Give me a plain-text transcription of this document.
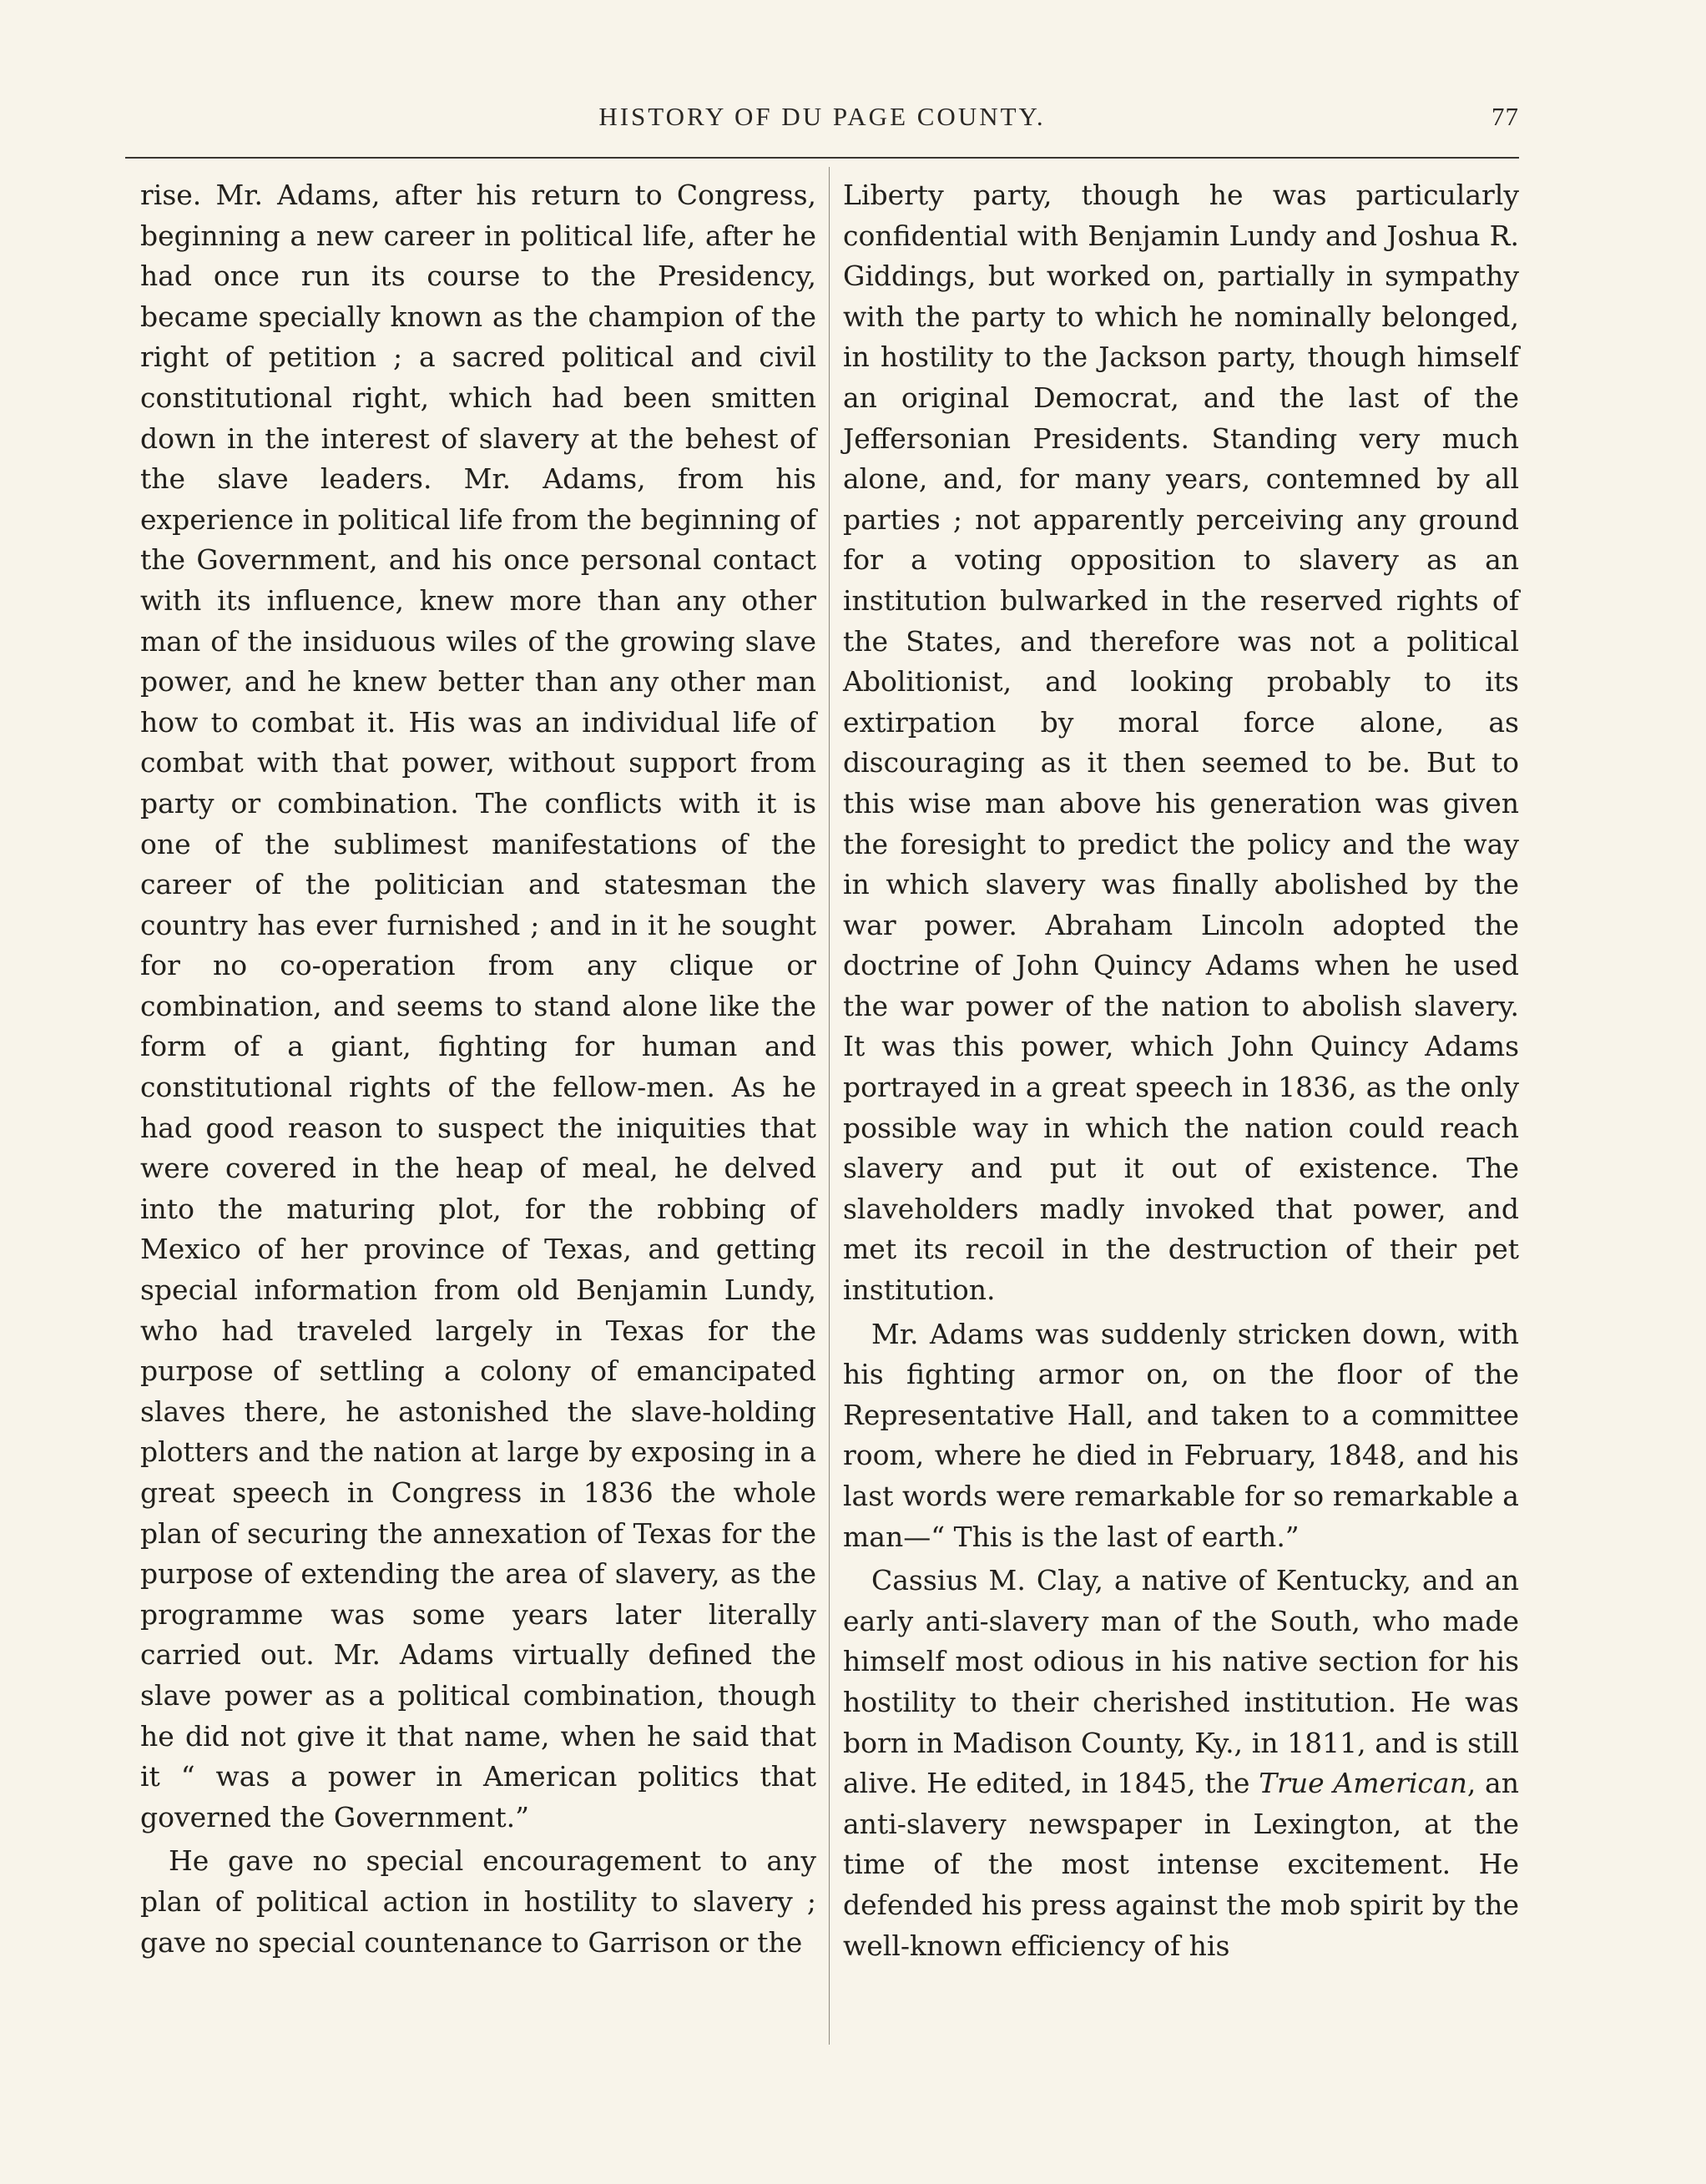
HISTORY OF DU PAGE COUNTY.	77

rise. Mr. Adams, after his return to Congress, beginning a new career in political life, after he had once run its course to the Presidency, became specially known as the champion of the right of petition ; a sacred political and civil constitutional right, which had been smitten down in the interest of slavery at the behest of the slave leaders. Mr. Adams, from his experience in political life from the beginning of the Government, and his once personal contact with its influence, knew more than any other man of the insiduous wiles of the growing slave power, and he knew better than any other man how to combat it. His was an individual life of combat with that power, without support from party or combination. The conflicts with it is one of the sublimest manifestations of the career of the politician and statesman the country has ever furnished ; and in it he sought for no co-operation from any clique or combination, and seems to stand alone like the form of a giant, fighting for human and constitutional rights of the fellow-men. As he had good reason to suspect the iniquities that were covered in the heap of meal, he delved into the maturing plot, for the robbing of Mexico of her province of Texas, and getting special information from old Benjamin Lundy, who had traveled largely in Texas for the purpose of settling a colony of emancipated slaves there, he astonished the slave-holding plotters and the nation at large by exposing in a great speech in Congress in 1836 the whole plan of securing the annexation of Texas for the purpose of extending the area of slavery, as the programme was some years later literally carried out. Mr. Adams virtually defined the slave power as a political combination, though he did not give it that name, when he said that it “ was a power in American politics that governed the Government.”

He gave no special encouragement to any plan of political action in hostility to slavery ; gave no special countenance to Garrison or the

Liberty party, though he was particularly confidential with Benjamin Lundy and Joshua R. Giddings, but worked on, partially in sympathy with the party to which he nominally belonged, in hostility to the Jackson party, though himself an original Democrat, and the last of the Jeffersonian Presidents. Standing very much alone, and, for many years, contemned by all parties ; not apparently perceiving any ground for a voting opposition to slavery as an institution bulwarked in the reserved rights of the States, and therefore was not a political Abolitionist, and looking probably to its extirpation by moral force alone, as discouraging as it then seemed to be. But to this wise man above his generation was given the foresight to predict the policy and the way in which slavery was finally abolished by the war power. Abraham Lincoln adopted the doctrine of John Quincy Adams when he used the war power of the nation to abolish slavery. It was this power, which John Quincy Adams portrayed in a great speech in 1836, as the only possible way in which the nation could reach slavery and put it out of existence. The slaveholders madly invoked that power, and met its recoil in the destruction of their pet institution.

Mr. Adams was suddenly stricken down, with his fighting armor on, on the floor of the Representative Hall, and taken to a committee room, where he died in February, 1848, and his last words were remarkable for so remarkable a man—“ This is the last of earth.”

Cassius M. Clay, a native of Kentucky, and an early anti-slavery man of the South, who made himself most odious in his native section for his hostility to their cherished institution. He was born in Madison County, Ky., in 1811, and is still alive. He edited, in 1845, the True American, an anti-slavery newspaper in Lexington, at the time of the most intense excitement. He defended his press against the mob spirit by the well-known efficiency of his
